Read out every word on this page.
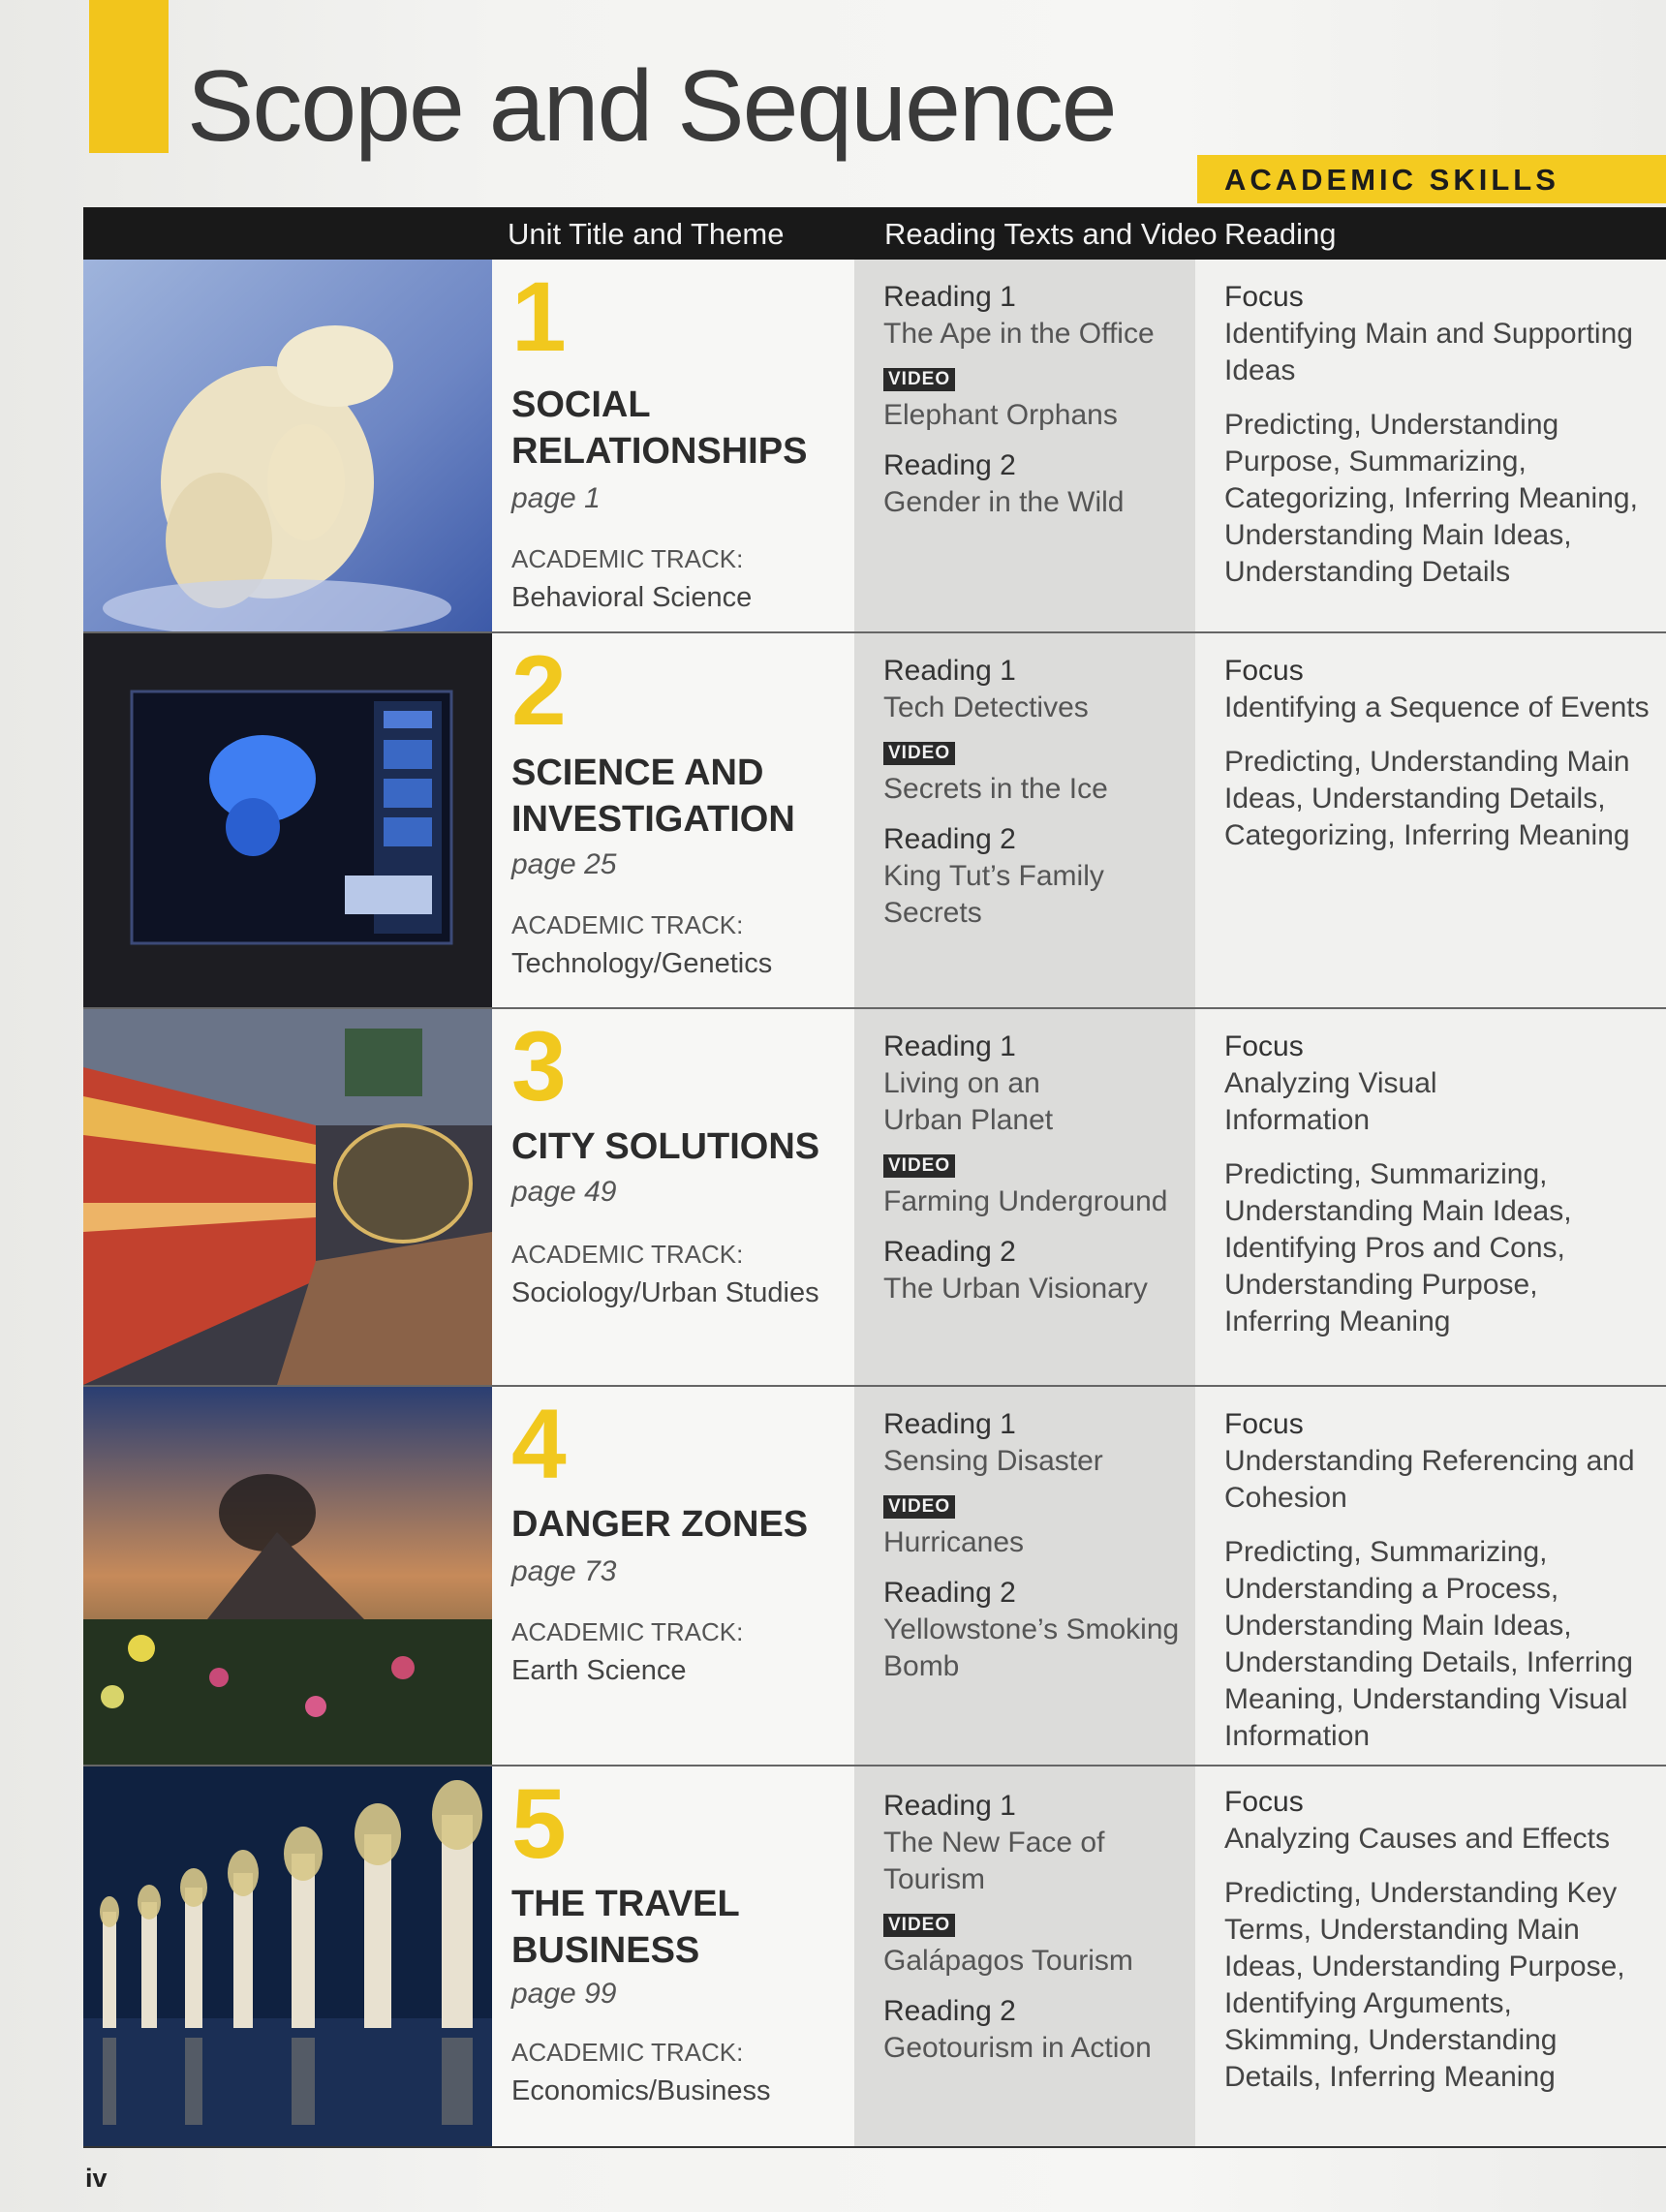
Scope and Sequence
ACADEMIC SKILLS
Unit Title and Theme	Reading Texts and Video Reading
1
SOCIAL RELATIONSHIPS
page 1
ACADEMIC TRACK:
Behavioral Science
Reading 1
The Ape in the Office
VIDEO
Elephant Orphans
Reading 2
Gender in the Wild
Focus
Identifying Main and Supporting Ideas
Predicting, Understanding Purpose, Summarizing, Categorizing, Inferring Meaning, Understanding Main Ideas, Understanding Details
2
SCIENCE AND INVESTIGATION
page 25
ACADEMIC TRACK:
Technology/Genetics
Reading 1
Tech Detectives
VIDEO
Secrets in the Ice
Reading 2
King Tut’s Family Secrets
Focus
Identifying a Sequence of Events
Predicting, Understanding Main Ideas, Understanding Details, Categorizing, Inferring Meaning
3
CITY SOLUTIONS
page 49
ACADEMIC TRACK:
Sociology/Urban Studies
Reading 1
Living on an Urban Planet
VIDEO
Farming Underground
Reading 2
The Urban Visionary
Focus
Analyzing Visual Information
Predicting, Summarizing, Understanding Main Ideas, Identifying Pros and Cons, Understanding Purpose, Inferring Meaning
4
DANGER ZONES
page 73
ACADEMIC TRACK:
Earth Science
Reading 1
Sensing Disaster
VIDEO
Hurricanes
Reading 2
Yellowstone’s Smoking Bomb
Focus
Understanding Referencing and Cohesion
Predicting, Summarizing, Understanding a Process, Understanding Main Ideas, Understanding Details, Inferring Meaning, Understanding Visual Information
5
THE TRAVEL BUSINESS
page 99
ACADEMIC TRACK:
Economics/Business
Reading 1
The New Face of Tourism
VIDEO
Galápagos Tourism
Reading 2
Geotourism in Action
Focus
Analyzing Causes and Effects
Predicting, Understanding Key Terms, Understanding Main Ideas, Understanding Purpose, Identifying Arguments, Skimming, Understanding Details, Inferring Meaning
iv
